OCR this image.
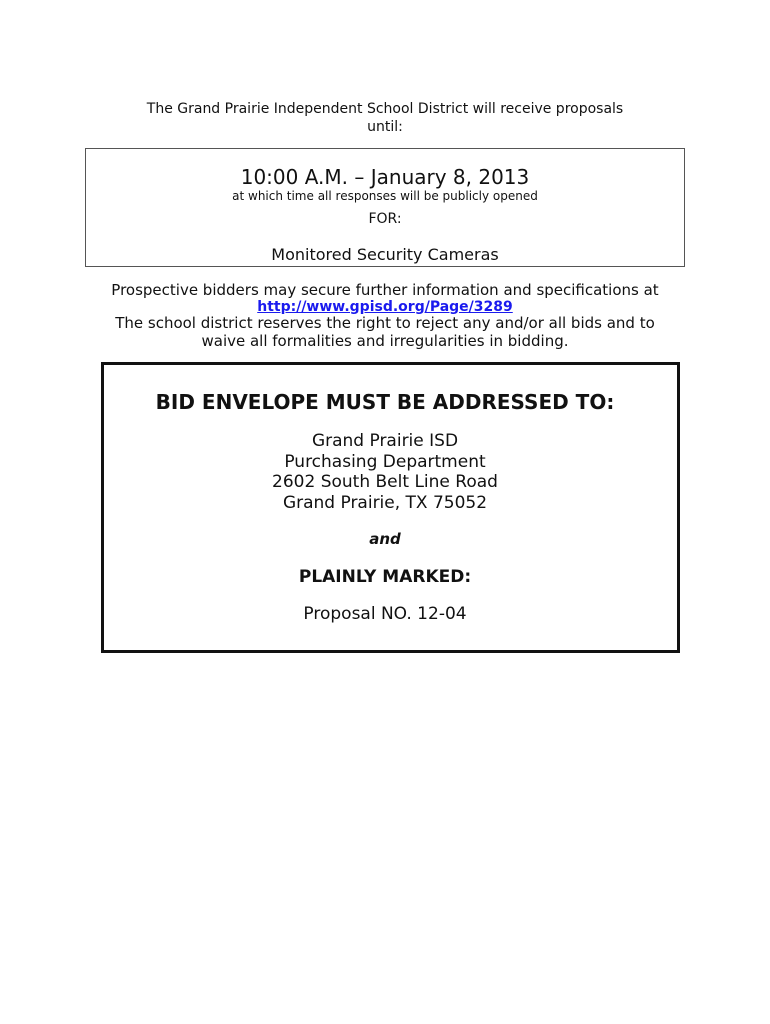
The Grand Prairie Independent School District will receive proposals
until:
10:00 A.M. – January 8, 2013
at which time all responses will be publicly opened
FOR:
Monitored Security Cameras
Prospective bidders may secure further information and specifications at
http://www.gpisd.org/Page/3289
The school district reserves the right to reject any and/or all bids and to
waive all formalities and irregularities in bidding.
BID ENVELOPE MUST BE ADDRESSED TO:
Grand Prairie ISD
Purchasing Department
2602 South Belt Line Road
Grand Prairie, TX 75052
and
PLAINLY MARKED:
Proposal NO. 12-04
